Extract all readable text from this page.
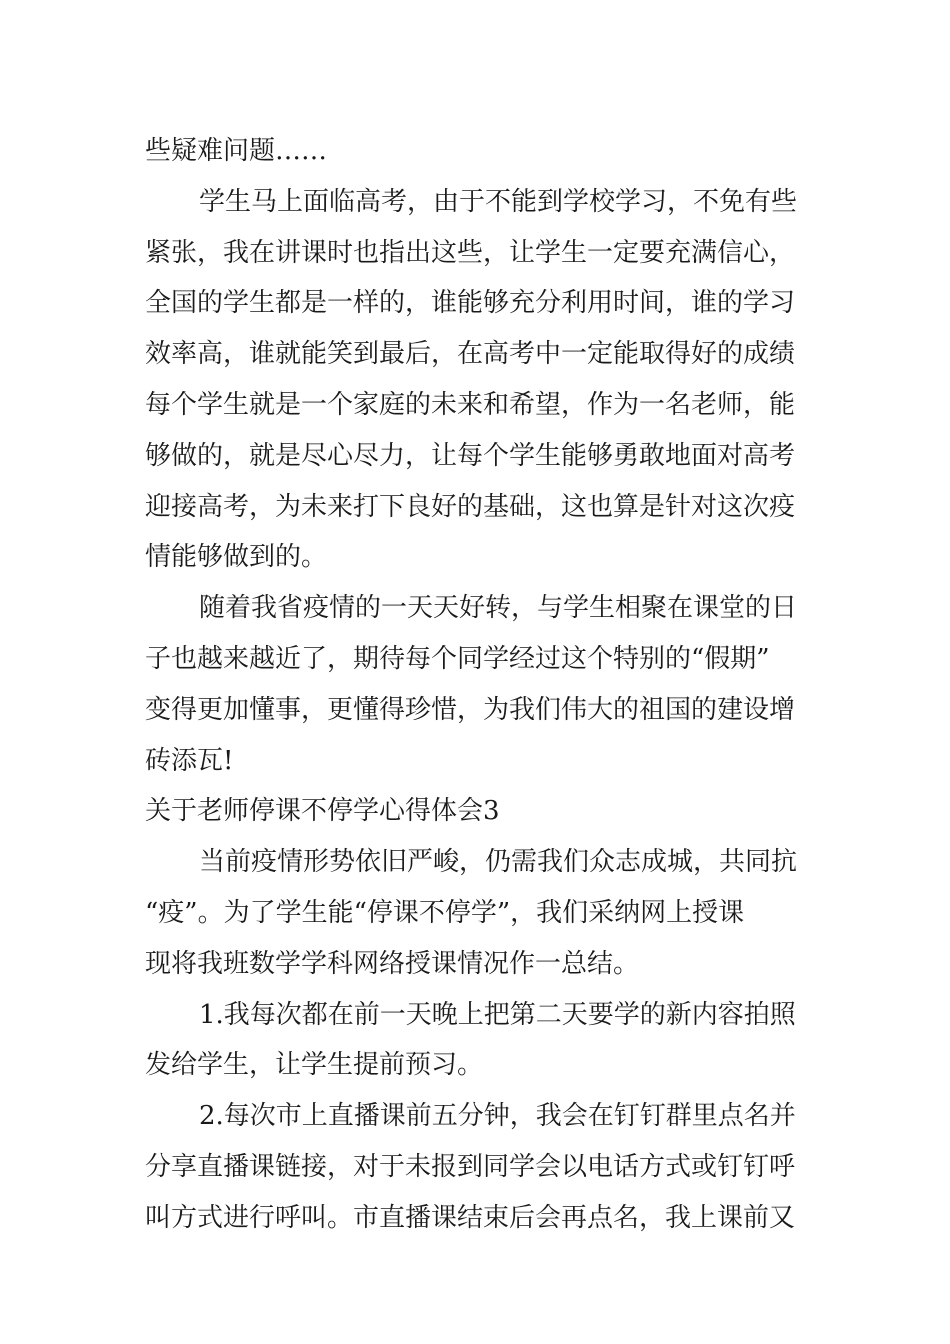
些疑难问题……
学生马上面临高考，由于不能到学校学习，不免有些
紧张，我在讲课时也指出这些，让学生一定要充满信心，
全国的学生都是一样的，谁能够充分利用时间，谁的学习
效率高，谁就能笑到最后，在高考中一定能取得好的成绩
每个学生就是一个家庭的未来和希望，作为一名老师，能
够做的，就是尽心尽力，让每个学生能够勇敢地面对高考
迎接高考，为未来打下良好的基础，这也算是针对这次疫
情能够做到的。
随着我省疫情的一天天好转，与学生相聚在课堂的日
子也越来越近了，期待每个同学经过这个特别的“假期”
变得更加懂事，更懂得珍惜，为我们伟大的祖国的建设增
砖添瓦!
关于老师停课不停学心得体会3
当前疫情形势依旧严峻，仍需我们众志成城，共同抗
“疫”。为了学生能“停课不停学”，我们采纳网上授课
现将我班数学学科网络授课情况作一总结。
1.我每次都在前一天晚上把第二天要学的新内容拍照
发给学生，让学生提前预习。
2.每次市上直播课前五分钟，我会在钉钉群里点名并
分享直播课链接，对于未报到同学会以电话方式或钉钉呼
叫方式进行呼叫。市直播课结束后会再点名，我上课前又
